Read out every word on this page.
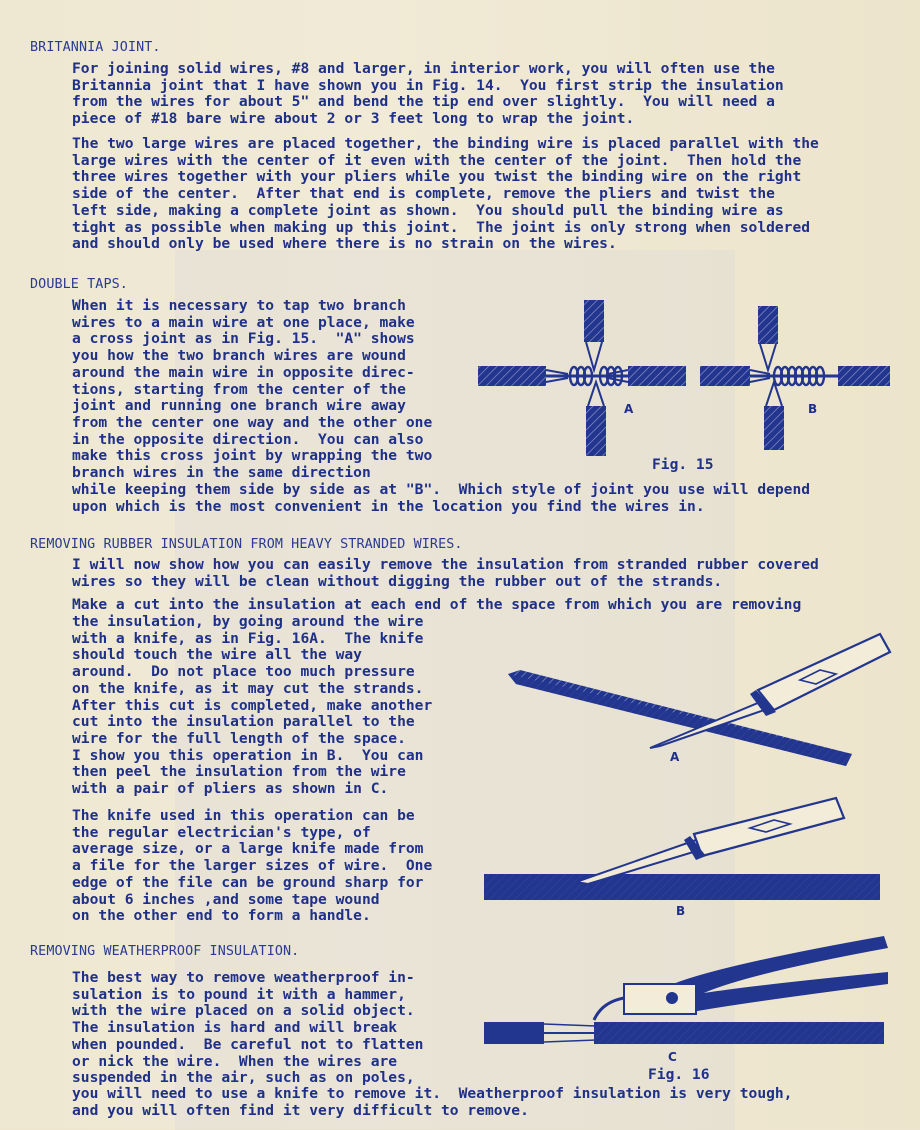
BRITANNIA JOINT.
For joining solid wires, #8 and larger, in interior work, you will often use the
Britannia joint that I have shown you in Fig. 14.  You first strip the insulation
from the wires for about 5" and bend the tip end over slightly.  You will need a
piece of #18 bare wire about 2 or 3 feet long to wrap the joint.
The two large wires are placed together, the binding wire is placed parallel with the
large wires with the center of it even with the center of the joint.  Then hold the
three wires together with your pliers while you twist the binding wire on the right
side of the center.  After that end is complete, remove the pliers and twist the
left side, making a complete joint as shown.  You should pull the binding wire as
tight as possible when making up this joint.  The joint is only strong when soldered
and should only be used where there is no strain on the wires.
DOUBLE TAPS.
When it is necessary to tap two branch
wires to a main wire at one place, make
a cross joint as in Fig. 15.  "A" shows
you how the two branch wires are wound
around the main wire in opposite direc-
tions, starting from the center of the
joint and running one branch wire away
from the center one way and the other one
in the opposite direction.  You can also
make this cross joint by wrapping the two
branch wires in the same direction
while keeping them side by side as at "B".  Which style of joint you use will depend
upon which is the most convenient in the location you find the wires in.
A	B
Fig. 15
REMOVING RUBBER INSULATION FROM HEAVY STRANDED WIRES.
I will now show how you can easily remove the insulation from stranded rubber covered
wires so they will be clean without digging the rubber out of the strands.
Make a cut into the insulation at each end of the space from which you are removing
the insulation, by going around the wire
with a knife, as in Fig. 16A.  The knife
should touch the wire all the way
around.  Do not place too much pressure
on the knife, as it may cut the strands.
After this cut is completed, make another
cut into the insulation parallel to the
wire for the full length of the space.
I show you this operation in B.  You can
then peel the insulation from the wire
with a pair of pliers as shown in C.
The knife used in this operation can be
the regular electrician's type, of
average size, or a large knife made from
a file for the larger sizes of wire.  One
edge of the file can be ground sharp for
about 6 inches ,and some tape wound
on the other end to form a handle.
A
B
REMOVING WEATHERPROOF INSULATION.
The best way to remove weatherproof in-
sulation is to pound it with a hammer,
with the wire placed on a solid object.
The insulation is hard and will break
when pounded.  Be careful not to flatten
or nick the wire.  When the wires are
suspended in the air, such as on poles,
you will need to use a knife to remove it.  Weatherproof insulation is very tough,
and you will often find it very difficult to remove.
C
Fig. 16
